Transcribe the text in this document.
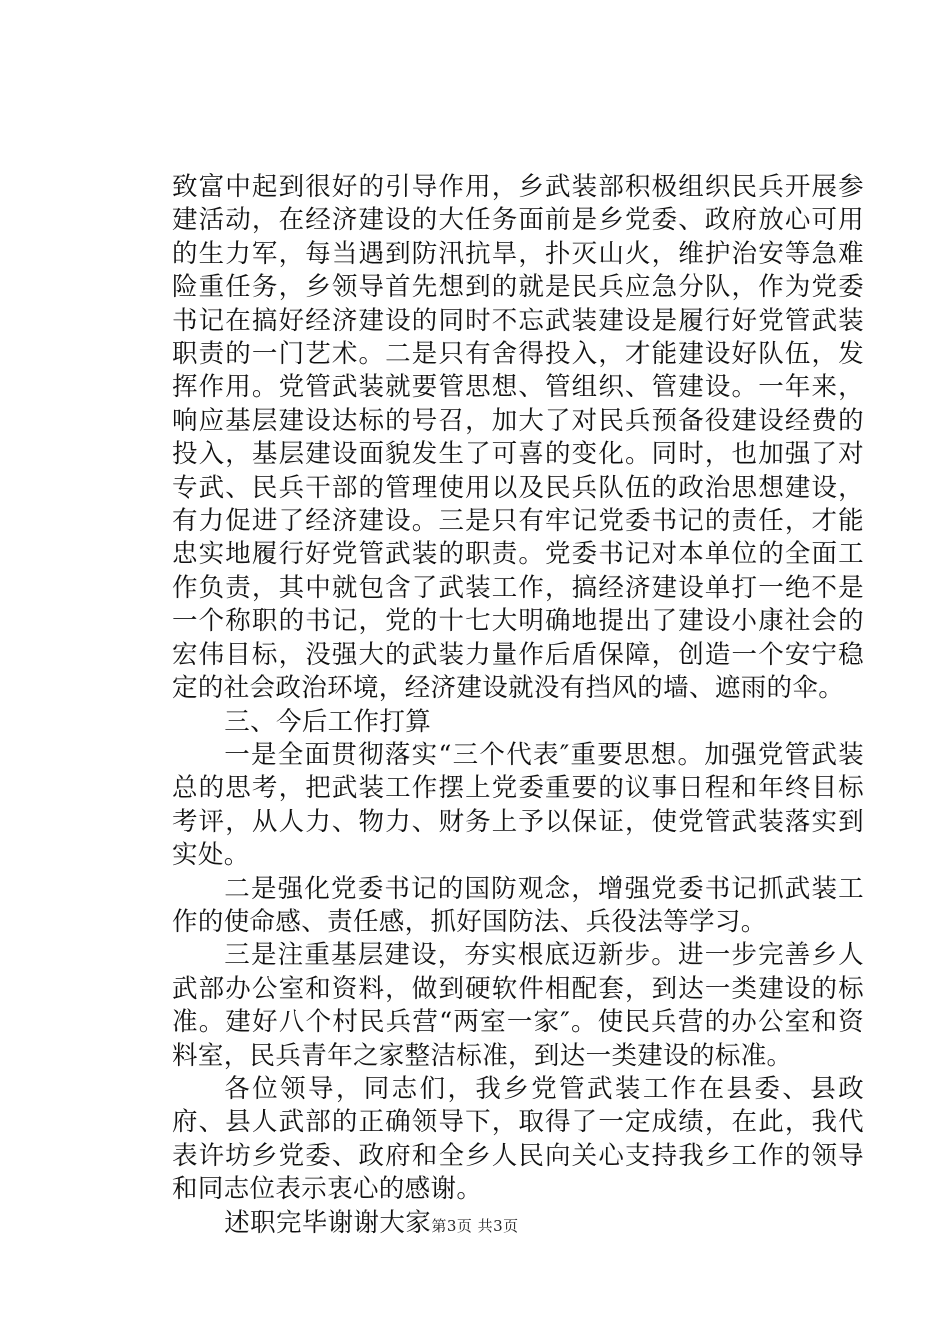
致富中起到很好的引导作用，乡武装部积极组织民兵开展参建活动，在经济建设的大任务面前是乡党委、政府放心可用的生力军，每当遇到防汛抗旱，扑灭山火，维护治安等急难险重任务，乡领导首先想到的就是民兵应急分队，作为党委书记在搞好经济建设的同时不忘武装建设是履行好党管武装职责的一门艺术。二是只有舍得投入，才能建设好队伍，发挥作用。党管武装就要管思想、管组织、管建设。一年来，响应基层建设达标的号召，加大了对民兵预备役建设经费的投入，基层建设面貌发生了可喜的变化。同时，也加强了对专武、民兵干部的管理使用以及民兵队伍的政治思想建设，有力促进了经济建设。三是只有牢记党委书记的责任，才能忠实地履行好党管武装的职责。党委书记对本单位的全面工作负责，其中就包含了武装工作，搞经济建设单打一绝不是一个称职的书记，党的十七大明确地提出了建设小康社会的宏伟目标，没强大的武装力量作后盾保障，创造一个安宁稳定的社会政治环境，经济建设就没有挡风的墙、遮雨的伞。

三、今后工作打算

一是全面贯彻落实“三个代表″重要思想。加强党管武装总的思考，把武装工作摆上党委重要的议事日程和年终目标考评，从人力、物力、财务上予以保证，使党管武装落实到实处。

二是强化党委书记的国防观念，增强党委书记抓武装工作的使命感、责任感，抓好国防法、兵役法等学习。

三是注重基层建设，夯实根底迈新步。进一步完善乡人武部办公室和资料，做到硬软件相配套，到达一类建设的标准。建好八个村民兵营“两室一家″。使民兵营的办公室和资料室，民兵青年之家整洁标准，到达一类建设的标准。

各位领导，同志们，我乡党管武装工作在县委、县政府、县人武部的正确领导下，取得了一定成绩，在此，我代表许坊乡党委、政府和全乡人民向关心支持我乡工作的领导和同志位表示衷心的感谢。

述职完毕谢谢大家 第3页 共3页
